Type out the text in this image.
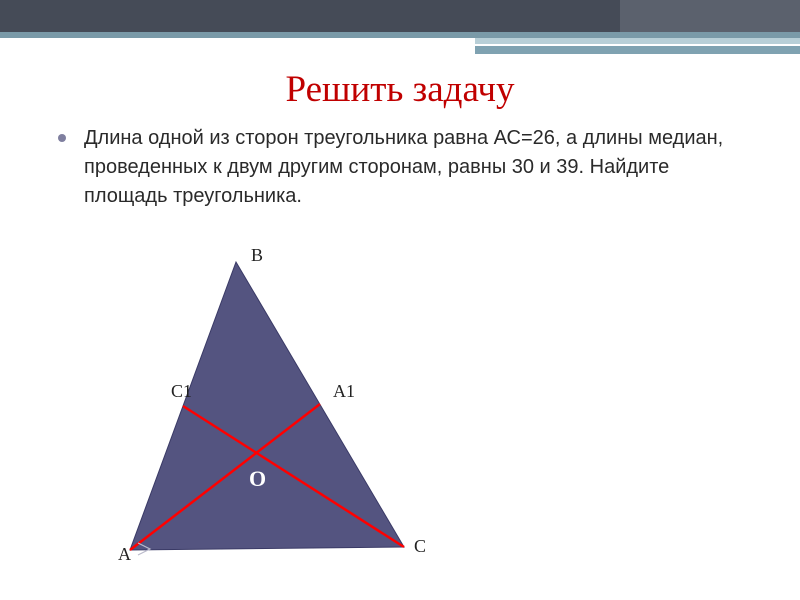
Решить задачу
Длина одной из сторон треугольника равна АС=26, а длины медиан, проведенных к двум другим сторонам, равны 30 и 39. Найдите площадь треугольника.
B
C1	A1
O
A	C
